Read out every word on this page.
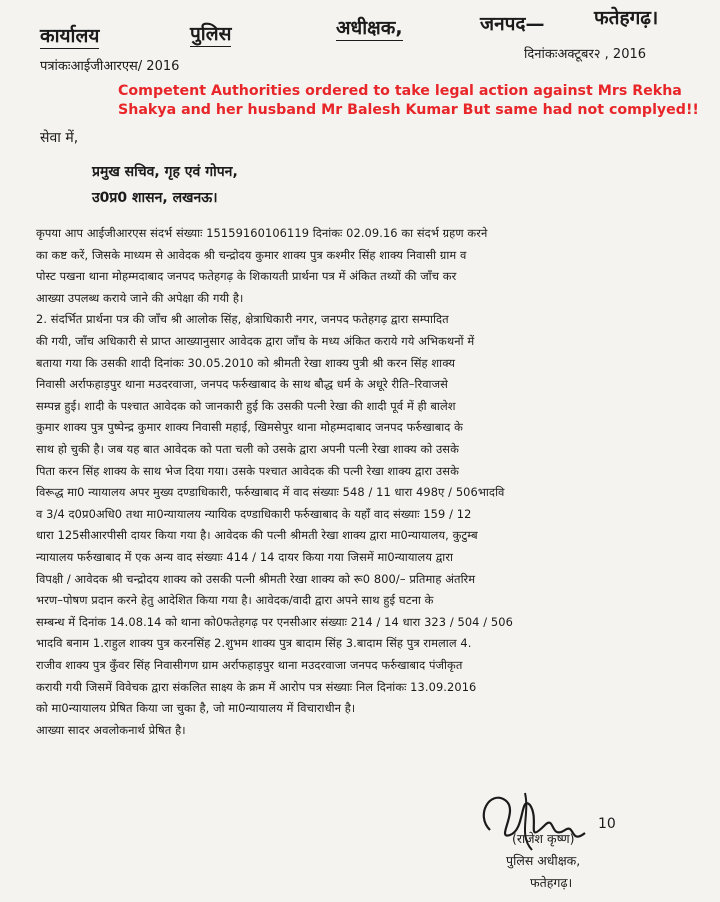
कार्यालय	पुलिस	अधीक्षक,	जनपद—	फतेहगढ़।
पत्रांकःआईजीआरएस/ 2016
दिनांकःअक्टूबर२ , 2016
Competent Authorities ordered to take legal action against Mrs Rekha Shakya and her husband Mr Balesh Kumar But same had not complyed!!
सेवा में,
प्रमुख सचिव, गृह एवं गोपन,
उ0प्र0 शासन, लखनऊ।
कृपया आप आईजीआरएस संदर्भ संख्याः 15159160106119 दिनांकः 02.09.16 का संदर्भ ग्रहण करने
का कष्ट करें, जिसके माध्यम से आवेदक श्री चन्द्रोदय कुमार शाक्य पुत्र कश्मीर सिंह शाक्य निवासी ग्राम व
पोस्ट पखना थाना मोहम्मदाबाद जनपद फतेहगढ़ के शिकायती प्रार्थना पत्र में अंकित तथ्यों की जाँच कर
आख्या उपलब्ध कराये जाने की अपेक्षा की गयी है।
2. संदर्भित प्रार्थना पत्र की जाँच श्री आलोक सिंह, क्षेत्राधिकारी नगर, जनपद फतेहगढ़ द्वारा सम्पादित
की गयी, जाँच अधिकारी से प्राप्त आख्यानुसार आवेदक द्वारा जाँच के मध्य अंकित कराये गये अभिकथनों में
बताया गया कि उसकी शादी दिनांकः 30.05.2010 को श्रीमती रेखा शाक्य पुत्री श्री करन सिंह शाक्य
निवासी अर्राफहाड़पुर थाना मउदरवाजा, जनपद फर्रुखाबाद के साथ बौद्ध धर्म के अधूरे रीति–रिवाजसे
सम्पन्न हुई। शादी के पश्चात आवेदक को जानकारी हुई कि उसकी पत्नी रेखा की शादी पूर्व में ही बालेश
कुमार शाक्य पुत्र पुष्पेन्द्र कुमार शाक्य निवासी महाई, खिमसेपुर थाना मोहम्मदाबाद जनपद फर्रुखाबाद के
साथ हो चुकी है। जब यह बात आवेदक को पता चली को उसके द्वारा अपनी पत्नी रेखा शाक्य को उसके
पिता करन सिंह शाक्य के साथ भेज दिया गया। उसके पश्चात आवेदक की पत्नी रेखा शाक्य द्वारा उसके
विरूद्ध मा0 न्यायालय अपर मुख्य दण्डाधिकारी, फर्रुखाबाद में वाद संख्याः 548 / 11 धारा 498ए / 506भादवि
व 3/4 द0प्र0अधि0 तथा मा0न्यायालय न्यायिक दण्डाधिकारी फर्रुखाबाद के यहाँ वाद संख्याः 159 / 12
धारा 125सीआरपीसी दायर किया गया है। आवेदक की पत्नी श्रीमती रेखा शाक्य द्वारा मा0न्यायालय, कुटुम्ब
न्यायालय फर्रुखाबाद में एक अन्य वाद संख्याः 414 / 14 दायर किया गया जिसमें मा0न्यायालय द्वारा
विपक्षी / आवेदक श्री चन्द्रोदय शाक्य को उसकी पत्नी श्रीमती रेखा शाक्य को रू0 800/– प्रतिमाह अंतरिम
भरण–पोषण प्रदान करने हेतु आदेशित किया गया है। आवेदक/वादी द्वारा अपने साथ हुई घटना के
सम्बन्ध में दिनांक 14.08.14 को थाना को0फतेहगढ़ पर एनसीआर संख्याः 214 / 14 धारा 323 / 504 / 506
भादवि बनाम 1.राहुल शाक्य पुत्र करनसिंह 2.शुभम शाक्य पुत्र बादाम सिंह 3.बादाम सिंह पुत्र रामलाल 4.
राजीव शाक्य पुत्र कुँवर सिंह निवासीगण ग्राम अर्राफहाड़पुर थाना मउदरवाजा जनपद फर्रुखाबाद पंजीकृत
करायी गयी जिसमें विवेचक द्वारा संकलित साक्ष्य के क्रम में आरोप पत्र संख्याः निल दिनांकः 13.09.2016
को मा0न्यायालय प्रेषित किया जा चुका है, जो मा0न्यायालय में विचाराधीन है।
आख्या सादर अवलोकनार्थ प्रेषित है।
10
(राजेश कृष्ण)
पुलिस अधीक्षक,
फतेहगढ़।
